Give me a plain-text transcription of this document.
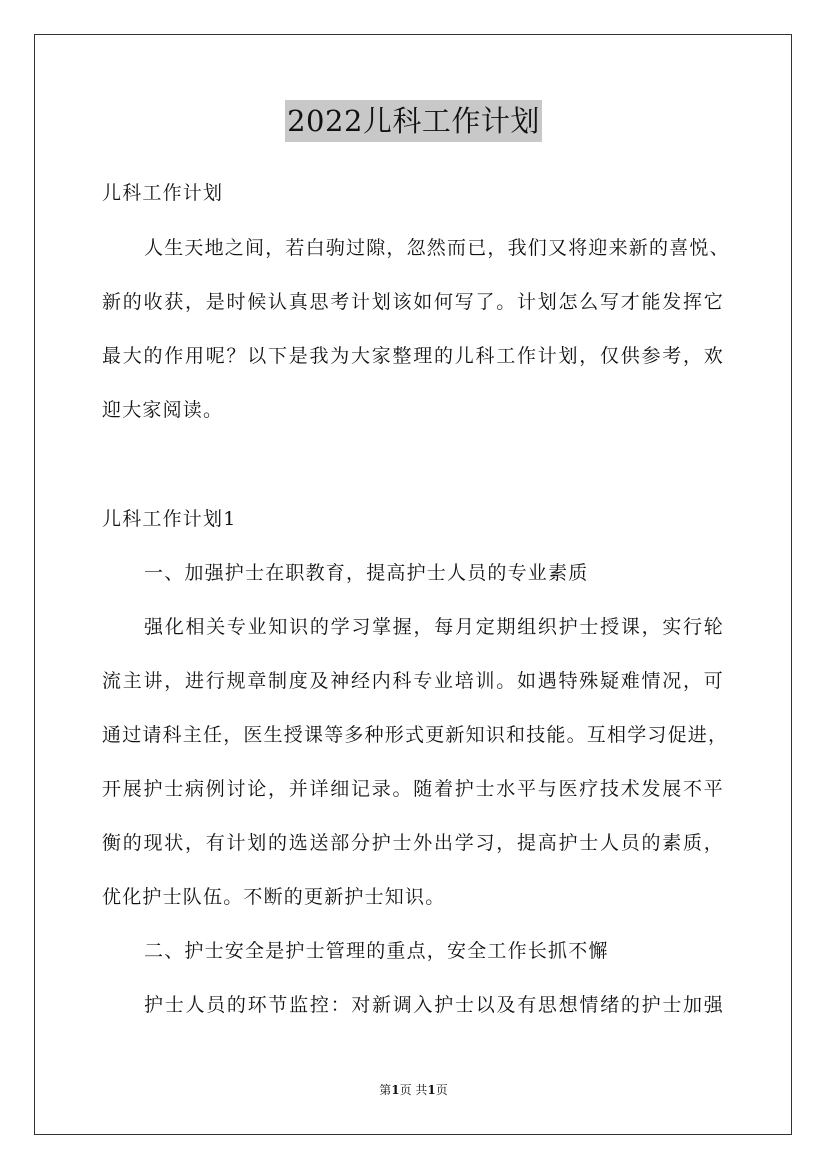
2022儿科工作计划
儿科工作计划
人生天地之间，若白驹过隙，忽然而已，我们又将迎来新的喜悦、
新的收获，是时候认真思考计划该如何写了。计划怎么写才能发挥它
最大的作用呢？以下是我为大家整理的儿科工作计划，仅供参考，欢
迎大家阅读。
儿科工作计划1
一、加强护士在职教育，提高护士人员的专业素质
强化相关专业知识的学习掌握，每月定期组织护士授课，实行轮
流主讲，进行规章制度及神经内科专业培训。如遇特殊疑难情况，可
通过请科主任，医生授课等多种形式更新知识和技能。互相学习促进，
开展护士病例讨论，并详细记录。随着护士水平与医疗技术发展不平
衡的现状，有计划的选送部分护士外出学习，提高护士人员的素质，
优化护士队伍。不断的更新护士知识。
二、护士安全是护士管理的重点，安全工作长抓不懈
护士人员的环节监控：对新调入护士以及有思想情绪的护士加强
第1页 共1页
